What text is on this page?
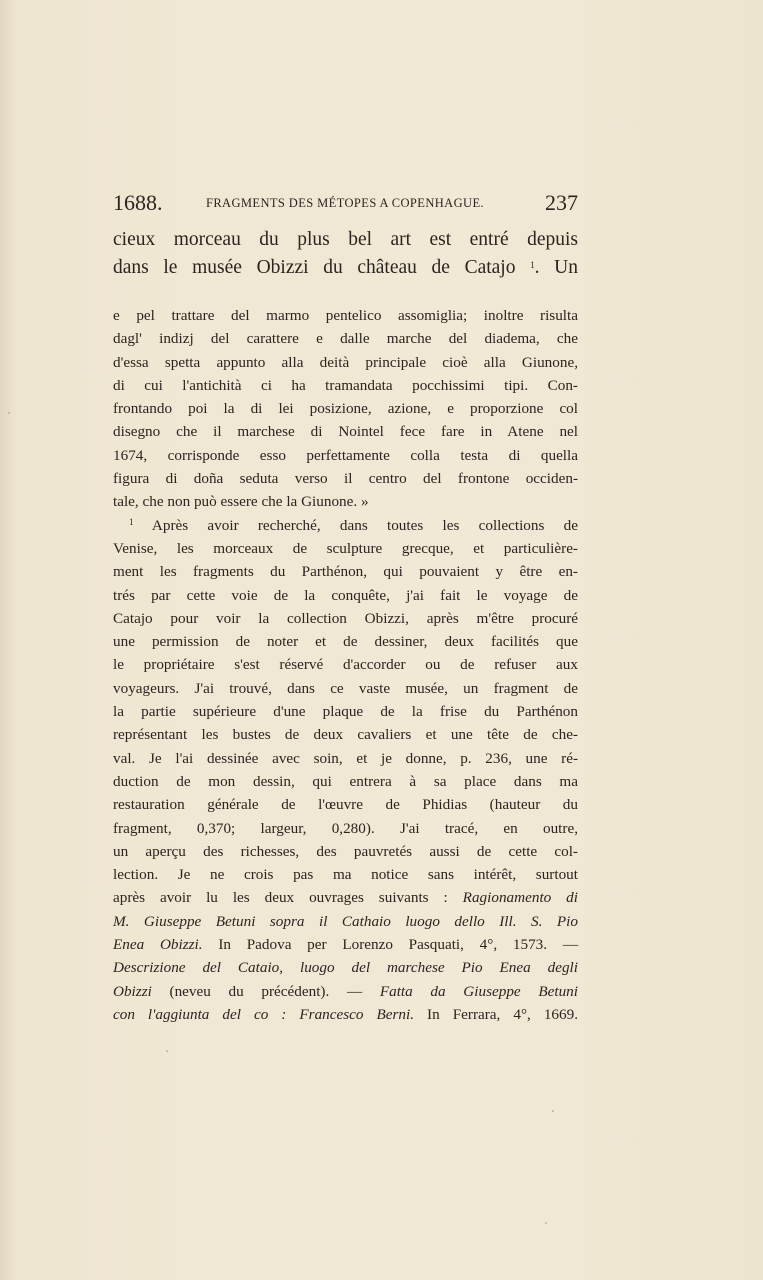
1688.	FRAGMENTS DES MÉTOPES A COPENHAGUE.	237
cieux morceau du plus bel art est entré depuis
dans le musée Obizzi du château de Catajo $^1$. Un
e pel trattare del marmo pentelico assomiglia; inoltre risulta
dagl' indizj del carattere e dalle marche del diadema, che
d'essa spetta appunto alla deità principale cioè alla Giunone,
di cui l'antichità ci ha tramandata pocchissimi tipi. Con-
frontando poi la di lei posizione, azione, e proporzione col
disegno che il marchese di Nointel fece fare in Atene nel
1674, corrisponde esso perfettamente colla testa di quella
figura di doña seduta verso il centro del frontone occiden-
tale, che non può essere che la Giunone. »
$^1$ Après avoir recherché, dans toutes les collections de
Venise, les morceaux de sculpture grecque, et particulière-
ment les fragments du Parthénon, qui pouvaient y être en-
trés par cette voie de la conquête, j'ai fait le voyage de
Catajo pour voir la collection Obizzi, après m'être procuré
une permission de noter et de dessiner, deux facilités que
le propriétaire s'est réservé d'accorder ou de refuser aux
voyageurs. J'ai trouvé, dans ce vaste musée, un fragment de
la partie supérieure d'une plaque de la frise du Parthénon
représentant les bustes de deux cavaliers et une tête de che-
val. Je l'ai dessinée avec soin, et je donne, p. 236, une ré-
duction de mon dessin, qui entrera à sa place dans ma
restauration générale de l'œuvre de Phidias (hauteur du
fragment, 0,370; largeur, 0,280). J'ai tracé, en outre,
un aperçu des richesses, des pauvretés aussi de cette col-
lection. Je ne crois pas ma notice sans intérêt, surtout
après avoir lu les deux ouvrages suivants : Ragionamento di
M. Giuseppe Betuni sopra il Cathaio luogo dello Ill. S. Pio
Enea Obizzi. In Padova per Lorenzo Pasquati, 4°, 1573. —
Descrizione del Cataio, luogo del marchese Pio Enea degli
Obizzi (neveu du précédent). — Fatta da Giuseppe Betuni
con l'aggiunta del co : Francesco Berni. In Ferrara, 4°, 1669.
